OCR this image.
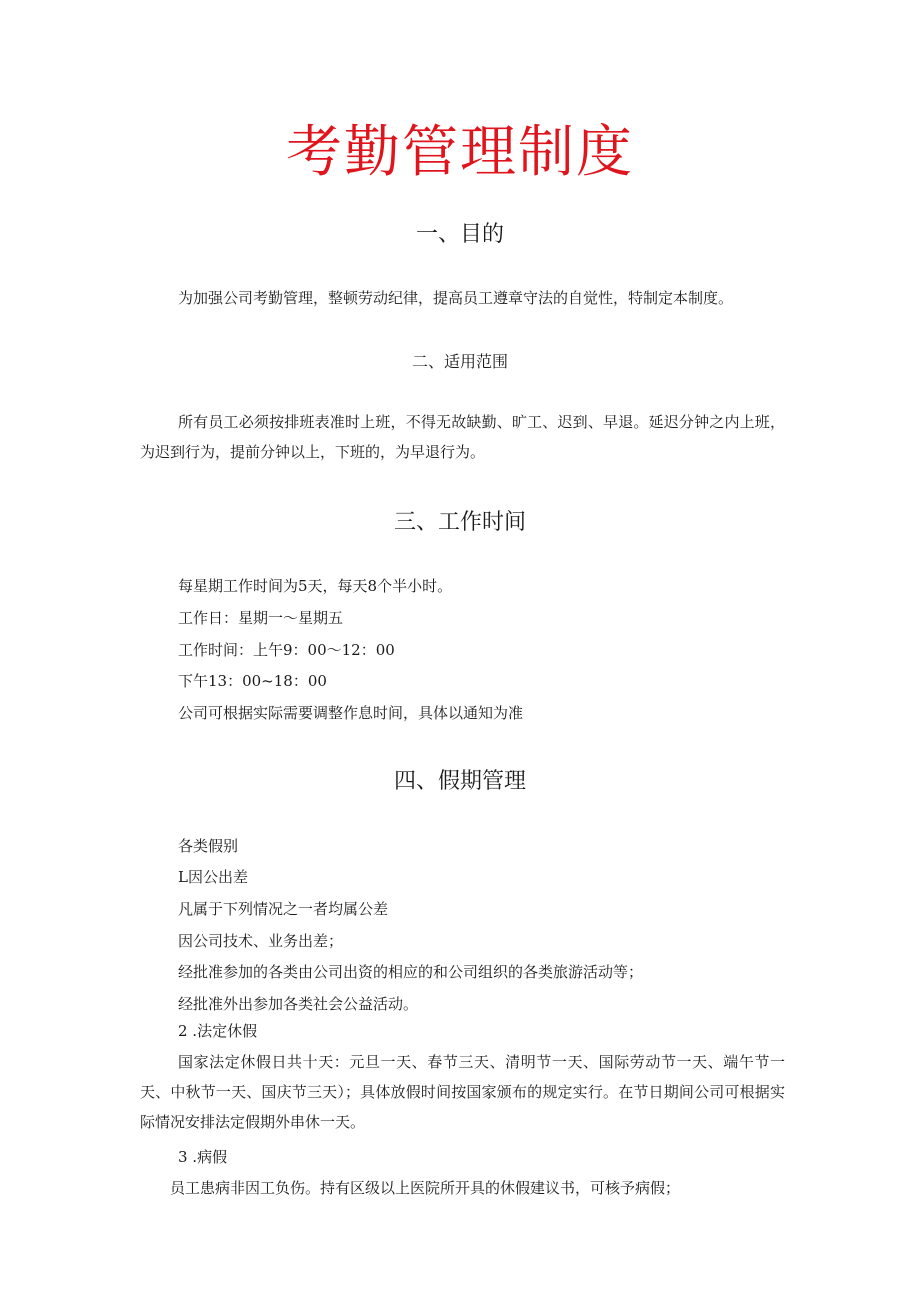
考勤管理制度
一、目的
为加强公司考勤管理，整顿劳动纪律，提高员工遵章守法的自觉性，特制定本制度。
二、适用范围
所有员工必须按排班表准时上班，不得无故缺勤、旷工、迟到、早退。延迟分钟之内上班，为迟到行为，提前分钟以上，下班的，为早退行为。
三、工作时间
每星期工作时间为5天，每天8个半小时。
工作日：星期一～星期五
工作时间：上午9：00～12：00
下午13：00~18：00
公司可根据实际需要调整作息时间，具体以通知为准
四、假期管理
各类假别
L因公出差
凡属于下列情况之一者均属公差
因公司技术、业务出差；
经批准参加的各类由公司出资的相应的和公司组织的各类旅游活动等；
经批准外出参加各类社会公益活动。
2 .法定休假
国家法定休假日共十天：元旦一天、春节三天、清明节一天、国际劳动节一天、端午节一天、中秋节一天、国庆节三天）；具体放假时间按国家颁布的规定实行。在节日期间公司可根据实际情况安排法定假期外串休一天。
3 .病假
员工患病非因工负伤。持有区级以上医院所开具的休假建议书，可核予病假；
